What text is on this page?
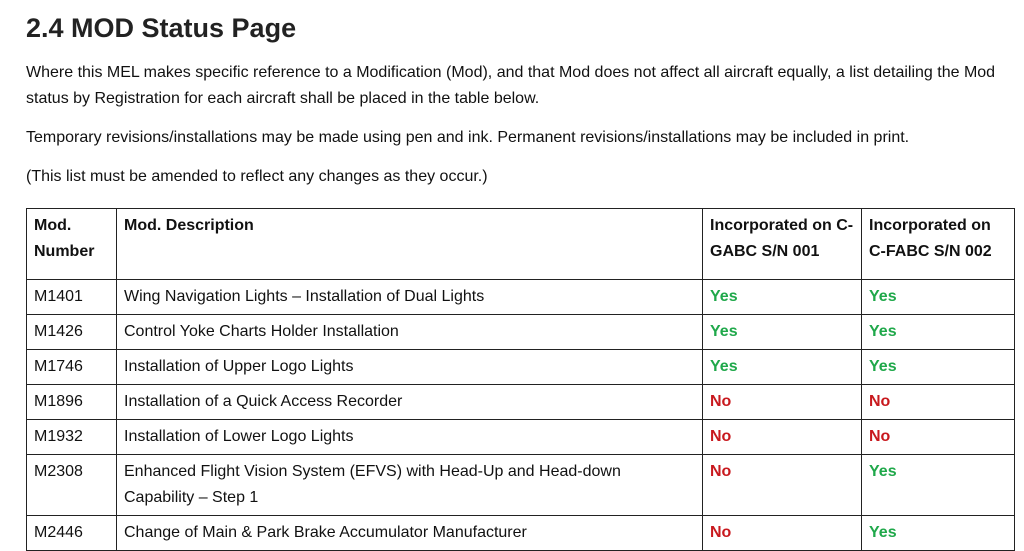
2.4 MOD Status Page

Where this MEL makes specific reference to a Modification (Mod), and that Mod does not affect all aircraft equally, a list detailing the Mod status by Registration for each aircraft shall be placed in the table below.

Temporary revisions/installations may be made using pen and ink. Permanent revisions/installations may be included in print.

(This list must be amended to reflect any changes as they occur.)

Mod. Number	Mod. Description	Incorporated on C-GABC S/N 001	Incorporated on C-FABC S/N 002
M1401	Wing Navigation Lights – Installation of Dual Lights	Yes	Yes
M1426	Control Yoke Charts Holder Installation	Yes	Yes
M1746	Installation of Upper Logo Lights	Yes	Yes
M1896	Installation of a Quick Access Recorder	No	No
M1932	Installation of Lower Logo Lights	No	No
M2308	Enhanced Flight Vision System (EFVS) with Head-Up and Head-down Capability – Step 1	No	Yes
M2446	Change of Main & Park Brake Accumulator Manufacturer	No	Yes
